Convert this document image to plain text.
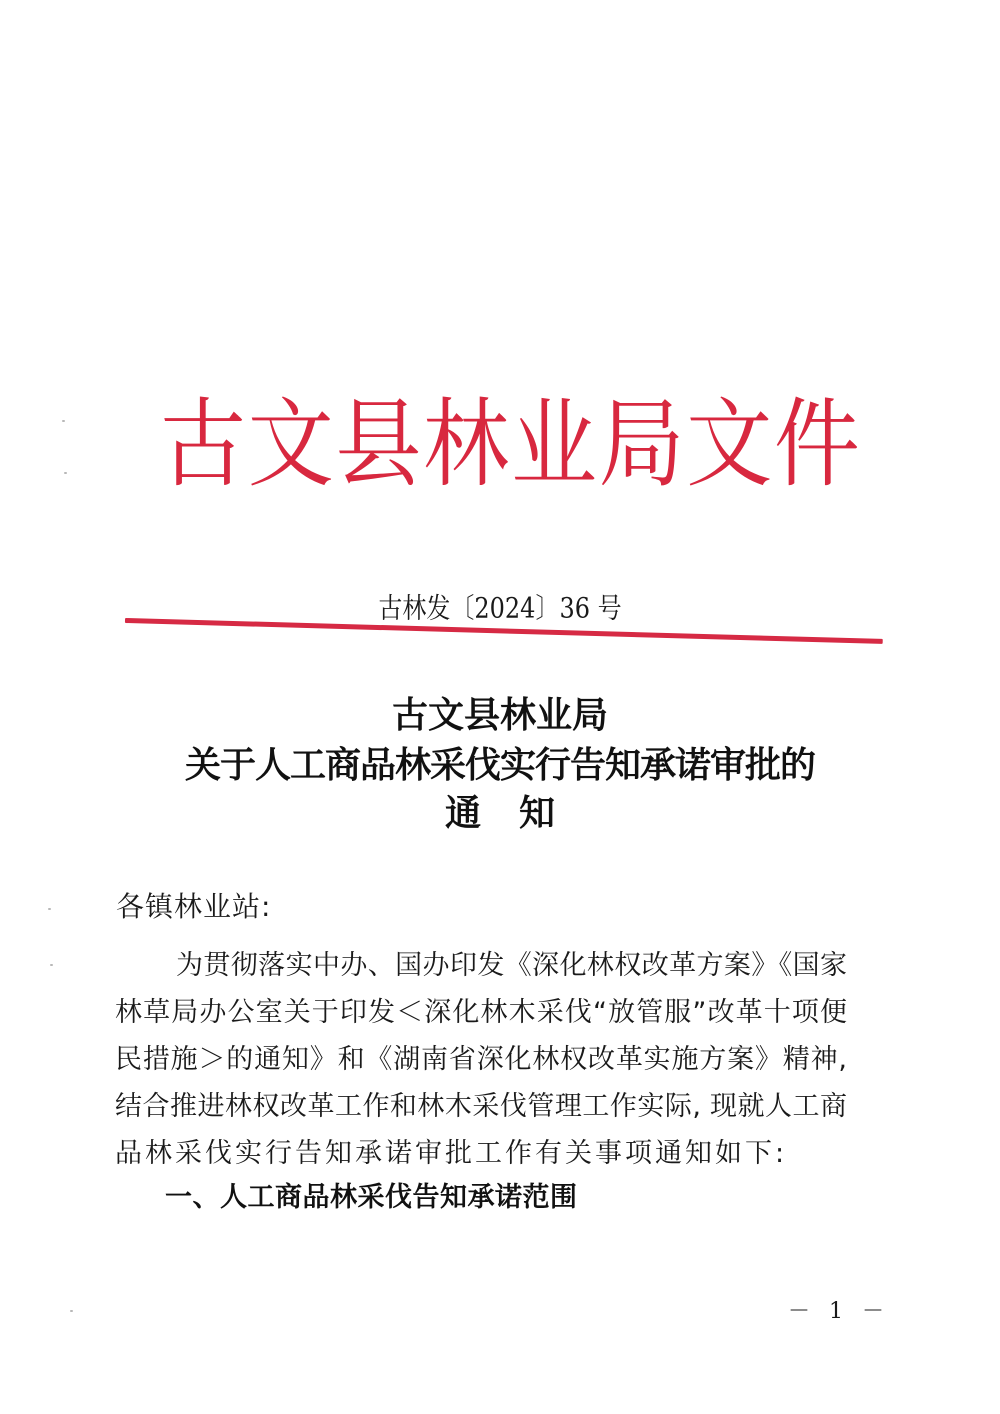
古 文 县 林 业 局 文 件
古林发〔2024〕36 号
古文县林业局
关于人工商品林采伐实行告知承诺审批的
通 知
各镇林业站:
为贯彻落实中办、国办印发《深化林权改革方案》《国家
林草局办公室关于印发＜深化林木采伐“放管服”改革十项便
民措施＞的通知》和《湖南省深化林权改革实施方案》精神,
结合推进林权改革工作和林木采伐管理工作实际, 现就人工商
品林采伐实行告知承诺审批工作有关事项通知如下:
一、人工商品林采伐告知承诺范围
－ 1 －
